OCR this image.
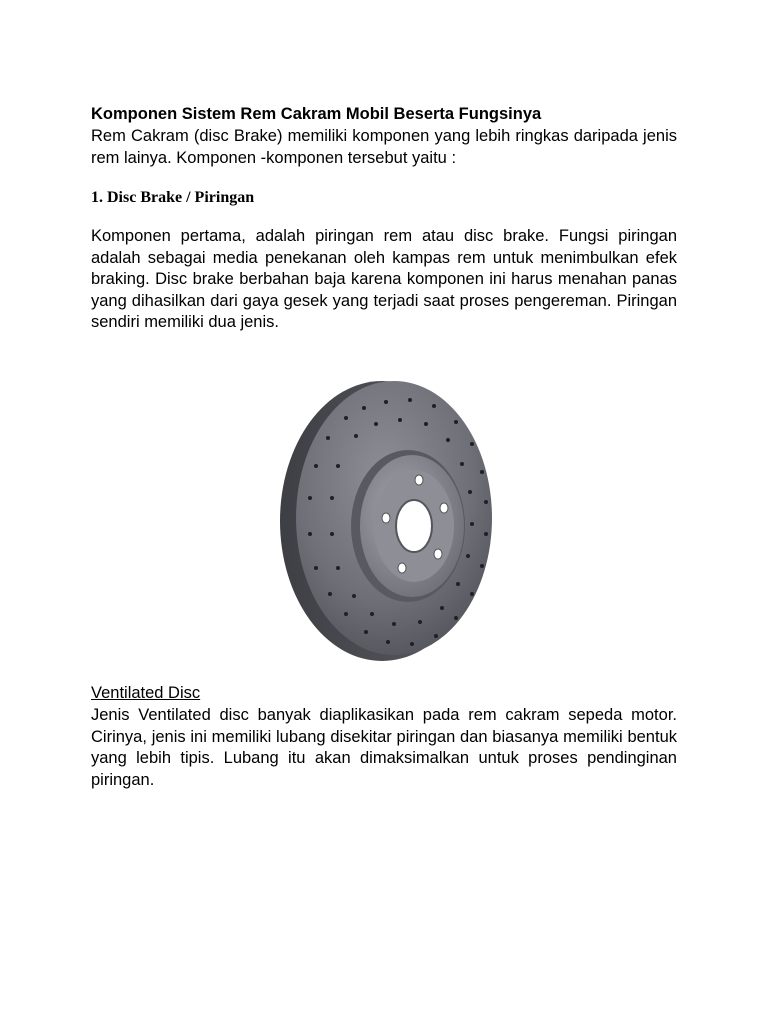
Komponen Sistem Rem Cakram Mobil Beserta Fungsinya

Rem Cakram (disc Brake) memiliki komponen yang lebih ringkas daripada jenis rem lainya. Komponen -komponen tersebut yaitu :

1. Disc Brake / Piringan

Komponen pertama, adalah piringan rem atau disc brake. Fungsi piringan adalah sebagai media penekanan oleh kampas rem untuk menimbulkan efek braking. Disc brake berbahan baja karena komponen ini harus menahan panas yang dihasilkan dari gaya gesek yang terjadi saat proses pengereman. Piringan sendiri memiliki dua jenis.

Ventilated Disc

Jenis Ventilated disc banyak diaplikasikan pada rem cakram sepeda motor. Cirinya, jenis ini memiliki lubang disekitar piringan dan biasanya memiliki bentuk yang lebih tipis. Lubang itu akan dimaksimalkan untuk proses pendinginan piringan.
